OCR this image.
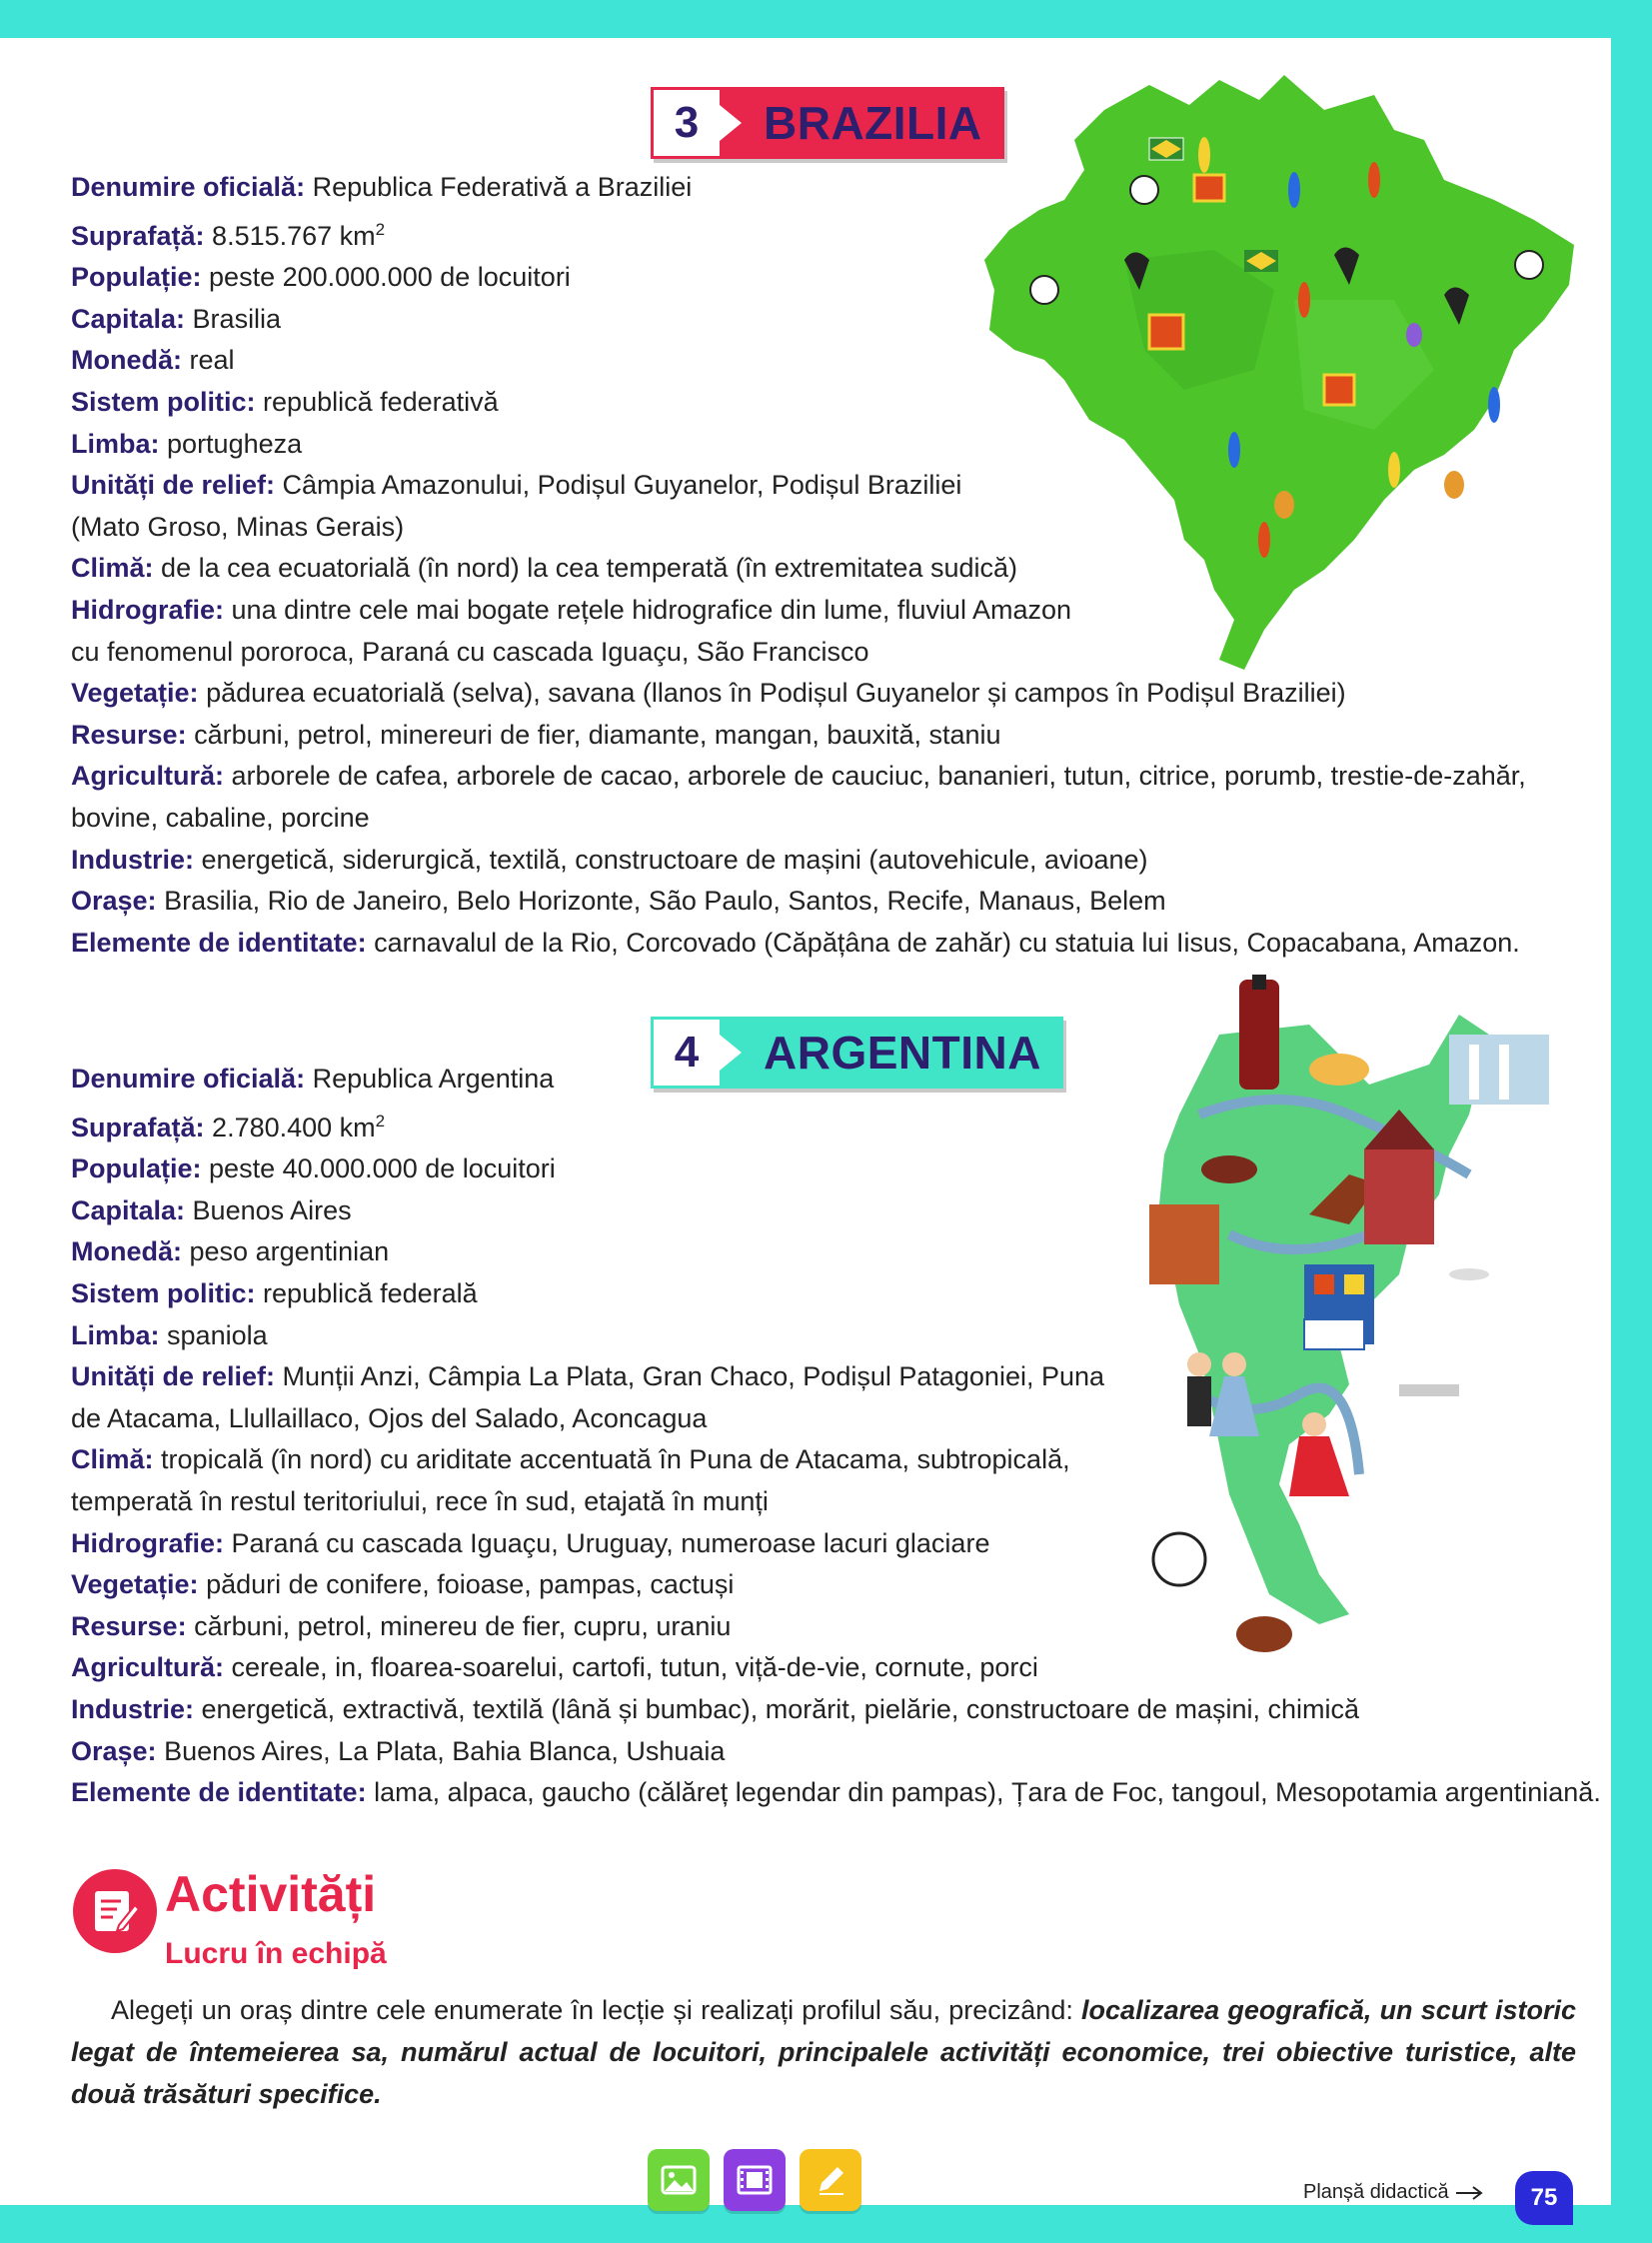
3	BRAZILIA
Denumire oficială: Republica Federativă a Braziliei
Suprafață: 8.515.767 $km^2$
Populație: peste 200.000.000 de locuitori
Capitala: Brasilia
Monedă: real
Sistem politic: republică federativă
Limba: portugheza
Unități de relief: Câmpia Amazonului, Podișul Guyanelor, Podișul Braziliei
(Mato Groso, Minas Gerais)
Climă: de la cea ecuatorială (în nord) la cea temperată (în extremitatea sudică)
Hidrografie: una dintre cele mai bogate rețele hidrografice din lume, fluviul Amazon
cu fenomenul pororoca, Paraná cu cascada Iguaçu, São Francisco
Vegetație: pădurea ecuatorială (selva), savana (llanos în Podișul Guyanelor și campos în Podișul Braziliei)
Resurse: cărbuni, petrol, minereuri de fier, diamante, mangan, bauxită, staniu
Agricultură: arborele de cafea, arborele de cacao, arborele de cauciuc, bananieri, tutun, citrice, porumb, trestie-de-zahăr,
bovine, cabaline, porcine
Industrie: energetică, siderurgică, textilă, constructoare de mașini (autovehicule, avioane)
Orașe: Brasilia, Rio de Janeiro, Belo Horizonte, São Paulo, Santos, Recife, Manaus, Belem
Elemente de identitate: carnavalul de la Rio, Corcovado (Căpățâna de zahăr) cu statuia lui Iisus, Copacabana, Amazon.
4	ARGENTINA
Denumire oficială: Republica Argentina
Suprafață: 2.780.400 $km^2$
Populație: peste 40.000.000 de locuitori
Capitala: Buenos Aires
Monedă: peso argentinian
Sistem politic: republică federală
Limba: spaniola
Unități de relief: Munții Anzi, Câmpia La Plata, Gran Chaco, Podișul Patagoniei, Puna
de Atacama, Llullaillaco, Ojos del Salado, Aconcagua
Climă: tropicală (în nord) cu ariditate accentuată în Puna de Atacama, subtropicală,
temperată în restul teritoriului, rece în sud, etajată în munți
Hidrografie: Paraná cu cascada Iguaçu, Uruguay, numeroase lacuri glaciare
Vegetație: păduri de conifere, foioase, pampas, cactuși
Resurse: cărbuni, petrol, minereu de fier, cupru, uraniu
Agricultură: cereale, in, floarea-soarelui, cartofi, tutun, viță-de-vie, cornute, porci
Industrie: energetică, extractivă, textilă (lână și bumbac), morărit, pielărie, constructoare de mașini, chimică
Orașe: Buenos Aires, La Plata, Bahia Blanca, Ushuaia
Elemente de identitate: lama, alpaca, gaucho (călăreț legendar din pampas), Țara de Foc, tangoul, Mesopotamia argentiniană.
Activități
Lucru în echipă
Alegeți un oraș dintre cele enumerate în lecție și realizați profilul său, precizând: localizarea geografică, un scurt istoric legat de întemeierea sa, numărul actual de locuitori, principalele activități economice, trei obiective turistice, alte două trăsături specifice.
Planșă didactică	75
